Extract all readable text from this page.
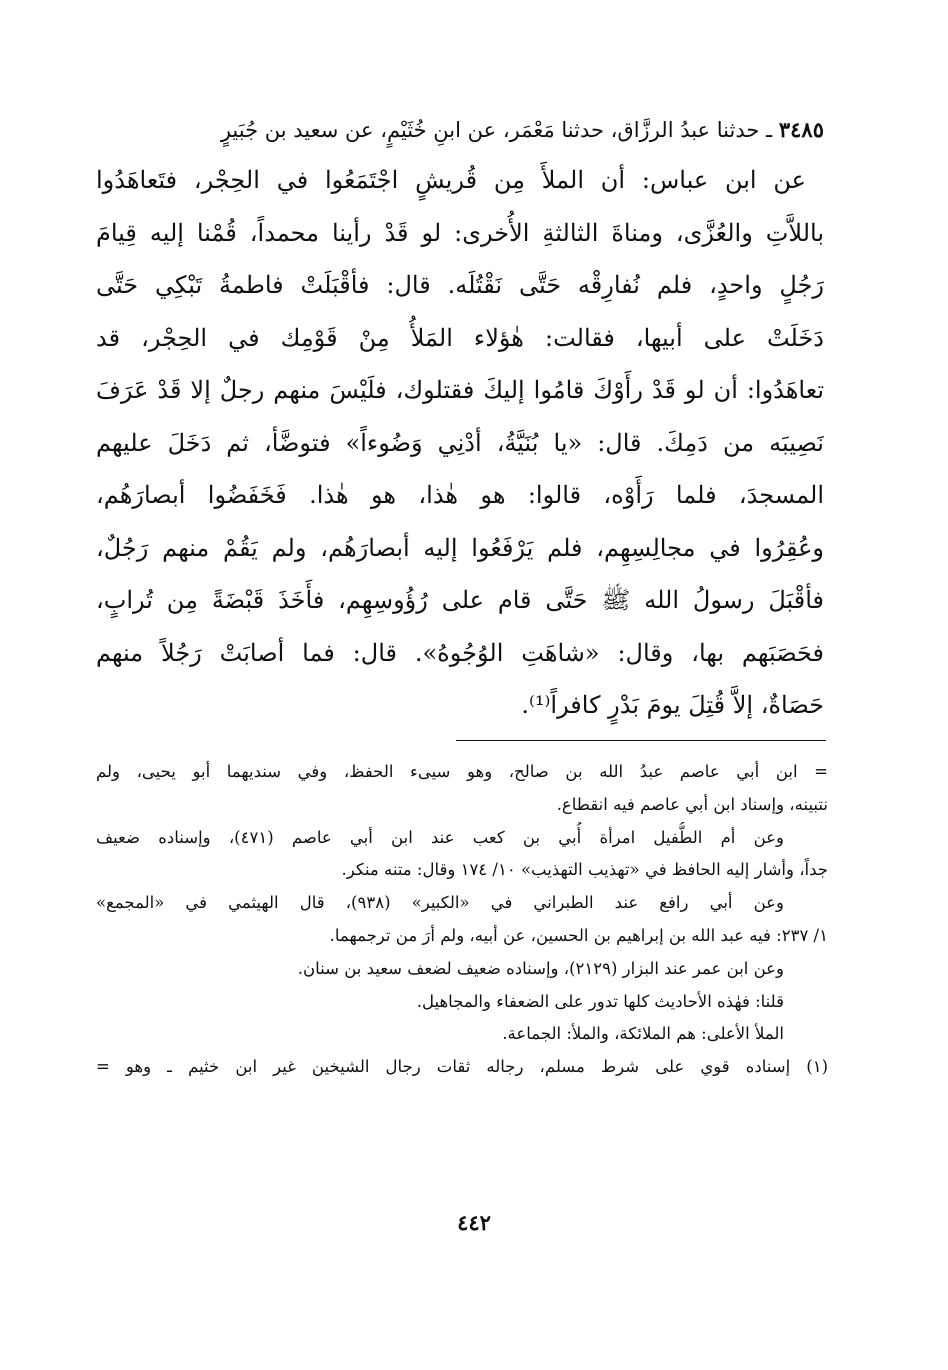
٣٤٨٥ ـ حدثنا عبدُ الرزَّاق، حدثنا مَعْمَر، عن ابنِ خُثَيْمٍ، عن سعيد بن جُبَيرٍ
عن ابن عباس: أن الملأَ مِن قُريشٍ اجْتَمَعُوا في الحِجْر، فتَعاهَدُوا
باللاَّتِ والعُزَّى، ومناةَ الثالثةِ الأُخرى: لو قَدْ رأينا محمداً، قُمْنا إليه قِيامَ
رَجُلٍ واحدٍ، فلم نُفارِقْه حَتَّى نَقْتُلَه. قال: فأقْبَلَتْ فاطمةُ تَبْكِي حَتَّى
دَخَلَتْ على أبيها، فقالت: هٰؤلاء المَلأُ مِنْ قَوْمِك في الحِجْر، قد
تعاهَدُوا: أن لو قَدْ رأَوْكَ قامُوا إليكَ فقتلوك، فلَيْسَ منهم رجلٌ إلا قَدْ عَرَفَ
نَصِيبَه من دَمِكَ. قال: «يا بُنَيَّةُ، أدْنِي وَضُوءاً» فتوضَّأ، ثم دَخَلَ عليهم
المسجدَ، فلما رَأَوْه، قالوا: هو هٰذا، هو هٰذا. فَخَفَضُوا أبصارَهُم،
وعُقِرُوا في مجالِسِهِم، فلم يَرْفَعُوا إليه أبصارَهُم، ولم يَقُمْ منهم رَجُلٌ،
فأقْبَلَ رسولُ الله ﷺ حَتَّى قام على رُؤُوسِهِم، فأَخَذَ قَبْضَةً مِن تُرابٍ،
فحَصَبَهم بها، وقال: «شاهَتِ الوُجُوهُ». قال: فما أصابَتْ رَجُلاً منهم
حَصَاةٌ، إلاَّ قُتِلَ يومَ بَدْرٍ كافراً⁽¹⁾.
= ابن أبي عاصم عبدُ الله بن صالح، وهو سيىء الحفظ، وفي سنديهما أبو يحيى، ولم
نتبينه، وإسناد ابن أبي عاصم فيه انقطاع.
وعن أم الطُّفيل امرأة أُبي بن كعب عند ابن أبي عاصم (٤٧١)، وإسناده ضعيف
جداً، وأشار إليه الحافظ في «تهذيب التهذيب» ١٠/ ١٧٤ وقال: متنه منكر.
وعن أبي رافع عند الطبراني في «الكبير» (٩٣٨)، قال الهيثمي في «المجمع»
١/ ٢٣٧: فيه عبد الله بن إبراهيم بن الحسين، عن أبيه، ولم أرَ من ترجمهما.
وعن ابن عمر عند البزار (٢١٢٩)، وإسناده ضعيف لضعف سعيد بن سنان.
قلنا: فهٰذه الأحاديث كلها تدور على الضعفاء والمجاهيل.
الملأ الأعلى: هم الملائكة، والملأ: الجماعة.
(١) إسناده قوي على شرط مسلم، رجاله ثقات رجال الشيخين غير ابن خثيم ـ وهو =
٤٤٢
